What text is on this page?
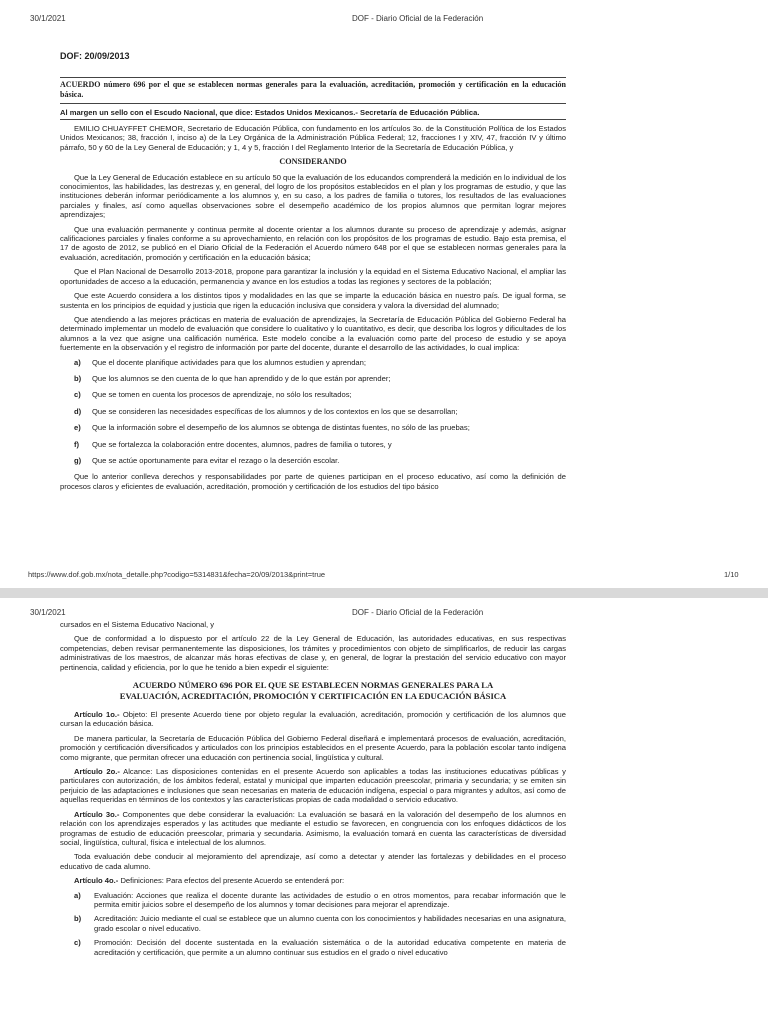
30/1/2021	DOF - Diario Oficial de la Federación
DOF: 20/09/2013
ACUERDO número 696 por el que se establecen normas generales para la evaluación, acreditación, promoción y certificación en la educación básica.
Al margen un sello con el Escudo Nacional, que dice: Estados Unidos Mexicanos.- Secretaría de Educación Pública.

EMILIO CHUAYFFET CHEMOR, Secretario de Educación Pública, con fundamento en los artículos 3o. de la Constitución Política de los Estados Unidos Mexicanos; 38, fracción I, inciso a) de la Ley Orgánica de la Administración Pública Federal; 12, fracciones I y XIV, 47, fracción IV y último párrafo, 50 y 60 de la Ley General de Educación; y 1, 4 y 5, fracción I del Reglamento Interior de la Secretaría de Educación Pública, y

CONSIDERANDO

Que la Ley General de Educación establece en su artículo 50 que la evaluación de los educandos comprenderá la medición en lo individual de los conocimientos, las habilidades, las destrezas y, en general, del logro de los propósitos establecidos en el plan y los programas de estudio, y que las instituciones deberán informar periódicamente a los alumnos y, en su caso, a los padres de familia o tutores, los resultados de las evaluaciones parciales y finales, así como aquellas observaciones sobre el desempeño académico de los propios alumnos que permitan lograr mejores aprendizajes;

Que una evaluación permanente y continua permite al docente orientar a los alumnos durante su proceso de aprendizaje y además, asignar calificaciones parciales y finales conforme a su aprovechamiento, en relación con los propósitos de los programas de estudio. Bajo esta premisa, el 17 de agosto de 2012, se publicó en el Diario Oficial de la Federación el Acuerdo número 648 por el que se establecen normas generales para la evaluación, acreditación, promoción y certificación en la educación básica;

Que el Plan Nacional de Desarrollo 2013-2018, propone para garantizar la inclusión y la equidad en el Sistema Educativo Nacional, el ampliar las oportunidades de acceso a la educación, permanencia y avance en los estudios a todas las regiones y sectores de la población;

Que este Acuerdo considera a los distintos tipos y modalidades en las que se imparte la educación básica en nuestro país. De igual forma, se sustenta en los principios de equidad y justicia que rigen la educación inclusiva que considera y valora la diversidad del alumnado;

Que atendiendo a las mejores prácticas en materia de evaluación de aprendizajes, la Secretaría de Educación Pública del Gobierno Federal ha determinado implementar un modelo de evaluación que considere lo cualitativo y lo cuantitativo, es decir, que describa los logros y dificultades de los alumnos a la vez que asigne una calificación numérica. Este modelo concibe a la evaluación como parte del proceso de estudio y se apoya fuertemente en la observación y el registro de información por parte del docente, durante el desarrollo de las actividades, lo cual implica:

a)	Que el docente planifique actividades para que los alumnos estudien y aprendan;
b)	Que los alumnos se den cuenta de lo que han aprendido y de lo que están por aprender;
c)	Que se tomen en cuenta los procesos de aprendizaje, no sólo los resultados;
d)	Que se consideren las necesidades específicas de los alumnos y de los contextos en los que se desarrollan;
e)	Que la información sobre el desempeño de los alumnos se obtenga de distintas fuentes, no sólo de las pruebas;
f)	Que se fortalezca la colaboración entre docentes, alumnos, padres de familia o tutores, y
g)	Que se actúe oportunamente para evitar el rezago o la deserción escolar.

Que lo anterior conlleva derechos y responsabilidades por parte de quienes participan en el proceso educativo, así como la definición de procesos claros y eficientes de evaluación, acreditación, promoción y certificación de los estudios del tipo básico

https://www.dof.gob.mx/nota_detalle.php?codigo=5314831&fecha=20/09/2013&print=true	1/10
30/1/2021	DOF - Diario Oficial de la Federación

cursados en el Sistema Educativo Nacional, y

Que de conformidad a lo dispuesto por el artículo 22 de la Ley General de Educación, las autoridades educativas, en sus respectivas competencias, deben revisar permanentemente las disposiciones, los trámites y procedimientos con objeto de simplificarlos, de reducir las cargas administrativas de los maestros, de alcanzar más horas efectivas de clase y, en general, de lograr la prestación del servicio educativo con mayor pertinencia, calidad y eficiencia, por lo que he tenido a bien expedir el siguiente:

ACUERDO NÚMERO 696 POR EL QUE SE ESTABLECEN NORMAS GENERALES PARA LA
EVALUACIÓN, ACREDITACIÓN, PROMOCIÓN Y CERTIFICACIÓN EN LA EDUCACIÓN BÁSICA

Artículo 1o.- Objeto: El presente Acuerdo tiene por objeto regular la evaluación, acreditación, promoción y certificación de los alumnos que cursan la educación básica.

De manera particular, la Secretaría de Educación Pública del Gobierno Federal diseñará e implementará procesos de evaluación, acreditación, promoción y certificación diversificados y articulados con los principios establecidos en el presente Acuerdo, para la población escolar tanto indígena como migrante, que permitan ofrecer una educación con pertinencia social, lingüística y cultural.

Artículo 2o.- Alcance: Las disposiciones contenidas en el presente Acuerdo son aplicables a todas las instituciones educativas públicas y particulares con autorización, de los ámbitos federal, estatal y municipal que imparten educación preescolar, primaria y secundaria; y se emiten sin perjuicio de las adaptaciones e inclusiones que sean necesarias en materia de educación indígena, especial o para migrantes y adultos, así como de aquellas requeridas en términos de los contextos y las características propias de cada modalidad o servicio educativo.

Artículo 3o.- Componentes que debe considerar la evaluación: La evaluación se basará en la valoración del desempeño de los alumnos en relación con los aprendizajes esperados y las actitudes que mediante el estudio se favorecen, en congruencia con los enfoques didácticos de los programas de estudio de educación preescolar, primaria y secundaria. Asimismo, la evaluación tomará en cuenta las características de diversidad social, lingüística, cultural, física e intelectual de los alumnos.

Toda evaluación debe conducir al mejoramiento del aprendizaje, así como a detectar y atender las fortalezas y debilidades en el proceso educativo de cada alumno.

Artículo 4o.- Definiciones: Para efectos del presente Acuerdo se entenderá por:

a)	Evaluación: Acciones que realiza el docente durante las actividades de estudio o en otros momentos, para recabar información que le permita emitir juicios sobre el desempeño de los alumnos y tomar decisiones para mejorar el aprendizaje.
b)	Acreditación: Juicio mediante el cual se establece que un alumno cuenta con los conocimientos y habilidades necesarias en una asignatura, grado escolar o nivel educativo.
c)	Promoción: Decisión del docente sustentada en la evaluación sistemática o de la autoridad educativa competente en materia de acreditación y certificación, que permite a un alumno continuar sus estudios en el grado o nivel educativo
